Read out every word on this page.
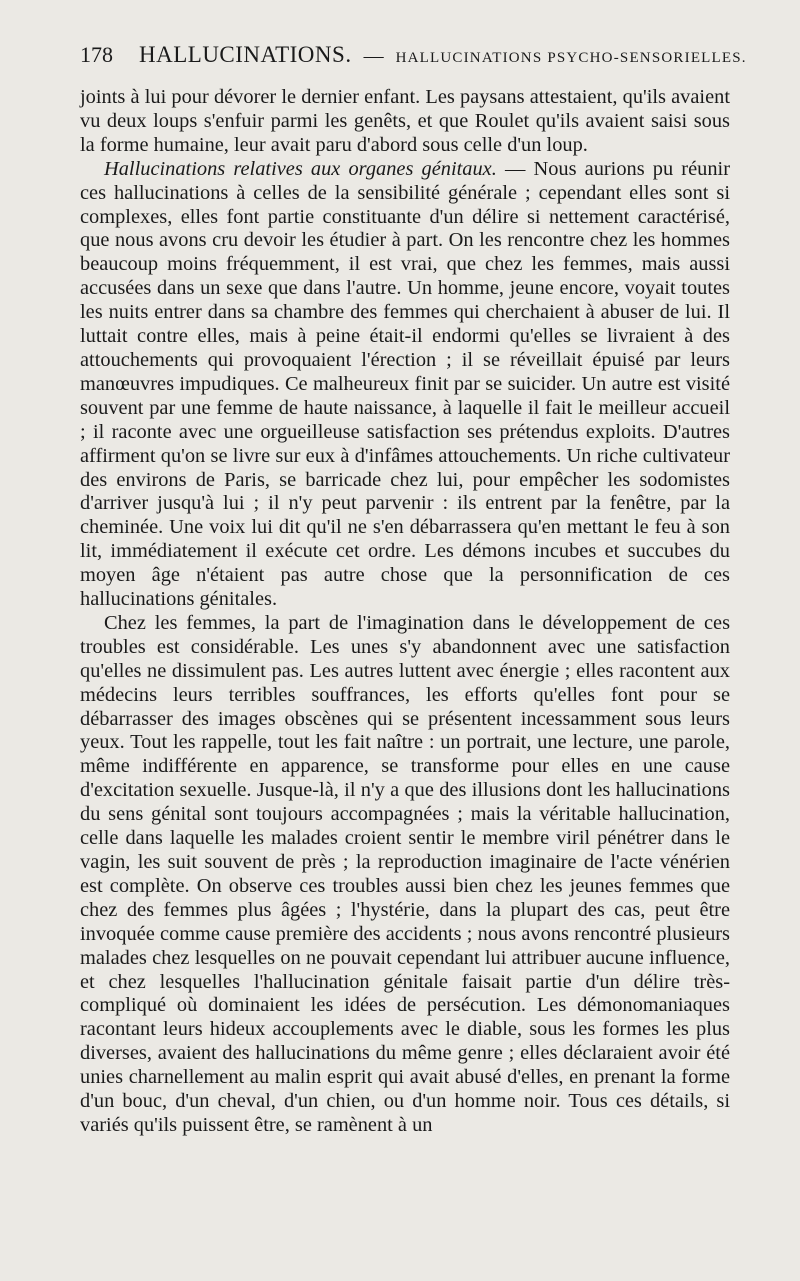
178 HALLUCINATIONS. — HALLUCINATIONS PSYCHO-SENSORIELLES.

joints à lui pour dévorer le dernier enfant. Les paysans attestaient, qu'ils avaient vu deux loups s'enfuir parmi les genêts, et que Roulet qu'ils avaient saisi sous la forme humaine, leur avait paru d'abord sous celle d'un loup.

Hallucinations relatives aux organes génitaux. — Nous aurions pu réunir ces hallucinations à celles de la sensibilité générale ; cependant elles sont si complexes, elles font partie constituante d'un délire si nettement caractérisé, que nous avons cru devoir les étudier à part. On les rencontre chez les hommes beaucoup moins fréquemment, il est vrai, que chez les femmes, mais aussi accusées dans un sexe que dans l'autre. Un homme, jeune encore, voyait toutes les nuits entrer dans sa chambre des femmes qui cherchaient à abuser de lui. Il luttait contre elles, mais à peine était-il endormi qu'elles se livraient à des attouchements qui provoquaient l'érection ; il se réveillait épuisé par leurs manœuvres impudiques. Ce malheureux finit par se suicider. Un autre est visité souvent par une femme de haute naissance, à laquelle il fait le meilleur accueil ; il raconte avec une orgueilleuse satisfaction ses prétendus exploits. D'autres affirment qu'on se livre sur eux à d'infâmes attouchements. Un riche cultivateur des environs de Paris, se barricade chez lui, pour empêcher les sodomistes d'arriver jusqu'à lui ; il n'y peut parvenir : ils entrent par la fenêtre, par la cheminée. Une voix lui dit qu'il ne s'en débarrassera qu'en mettant le feu à son lit, immédiatement il exécute cet ordre. Les démons incubes et succubes du moyen âge n'étaient pas autre chose que la personnification de ces hallucinations génitales.

Chez les femmes, la part de l'imagination dans le développement de ces troubles est considérable. Les unes s'y abandonnent avec une satisfaction qu'elles ne dissimulent pas. Les autres luttent avec énergie ; elles racontent aux médecins leurs terribles souffrances, les efforts qu'elles font pour se débarrasser des images obscènes qui se présentent incessamment sous leurs yeux. Tout les rappelle, tout les fait naître : un portrait, une lecture, une parole, même indifférente en apparence, se transforme pour elles en une cause d'excitation sexuelle. Jusque-là, il n'y a que des illusions dont les hallucinations du sens génital sont toujours accompagnées ; mais la véritable hallucination, celle dans laquelle les malades croient sentir le membre viril pénétrer dans le vagin, les suit souvent de près ; la reproduction imaginaire de l'acte vénérien est complète. On observe ces troubles aussi bien chez les jeunes femmes que chez des femmes plus âgées ; l'hystérie, dans la plupart des cas, peut être invoquée comme cause première des accidents ; nous avons rencontré plusieurs malades chez lesquelles on ne pouvait cependant lui attribuer aucune influence, et chez lesquelles l'hallucination génitale faisait partie d'un délire très-compliqué où dominaient les idées de persécution. Les démonomaniaques racontant leurs hideux accouplements avec le diable, sous les formes les plus diverses, avaient des hallucinations du même genre ; elles déclaraient avoir été unies charnellement au malin esprit qui avait abusé d'elles, en prenant la forme d'un bouc, d'un cheval, d'un chien, ou d'un homme noir. Tous ces détails, si variés qu'ils puissent être, se ramènent à un
